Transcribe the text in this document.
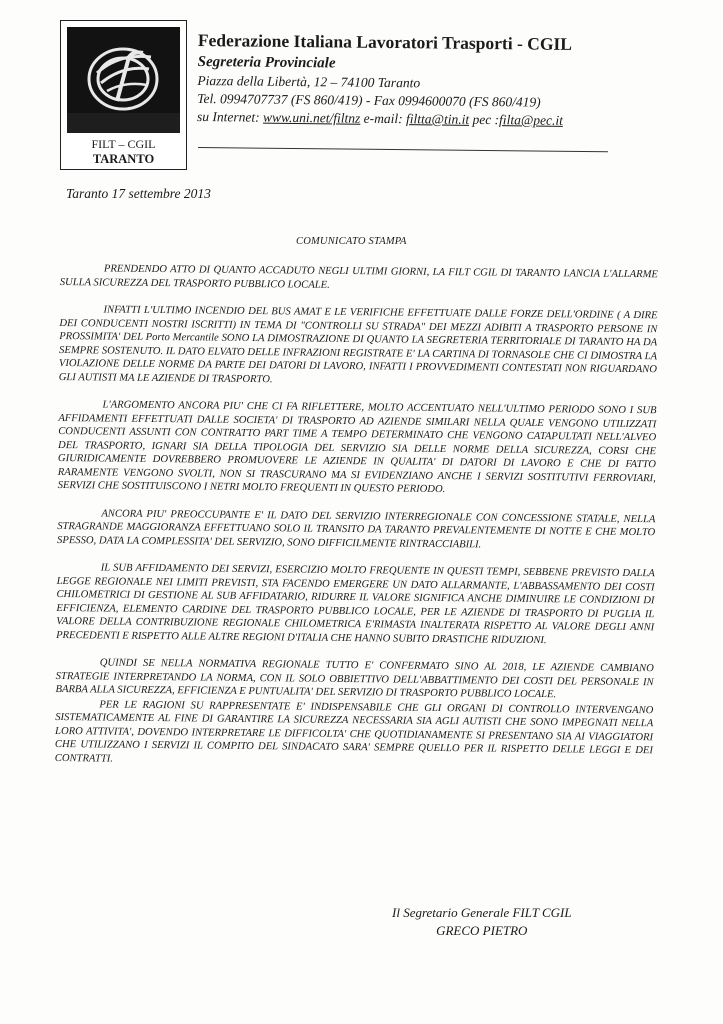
FILT – CGIL
TARANTO
Federazione Italiana Lavoratori Trasporti - CGIL
Segreteria Provinciale
Piazza della Libertà, 12 – 74100 Taranto
Tel. 0994707737 (FS 860/419) - Fax 0994600070 (FS 860/419)
su Internet: www.uni.net/filtnz e-mail: filtta@tin.it pec :filta@pec.it
Taranto 17 settembre 2013
COMUNICATO STAMPA

PRENDENDO ATTO DI QUANTO ACCADUTO NEGLI ULTIMI GIORNI, LA FILT CGIL DI TARANTO LANCIA L'ALLARME SULLA SICUREZZA DEL TRASPORTO PUBBLICO LOCALE.

INFATTI L'ULTIMO INCENDIO DEL BUS AMAT E LE VERIFICHE EFFETTUATE DALLE FORZE DELL'ORDINE ( A DIRE DEI CONDUCENTI NOSTRI ISCRITTI) IN TEMA DI "CONTROLLI SU STRADA" DEI MEZZI ADIBITI A TRASPORTO PERSONE IN PROSSIMITA' DEL Porto Mercantile SONO LA DIMOSTRAZIONE DI QUANTO LA SEGRETERIA TERRITORIALE DI TARANTO HA DA SEMPRE SOSTENUTO. IL DATO ELVATO DELLE INFRAZIONI REGISTRATE E' LA CARTINA DI TORNASOLE CHE CI DIMOSTRA LA VIOLAZIONE DELLE NORME DA PARTE DEI DATORI DI LAVORO, INFATTI I PROVVEDIMENTI CONTESTATI NON RIGUARDANO GLI AUTISTI MA LE AZIENDE DI TRASPORTO.

L'ARGOMENTO ANCORA PIU' CHE CI FA RIFLETTERE, MOLTO ACCENTUATO NELL'ULTIMO PERIODO SONO I SUB AFFIDAMENTI EFFETTUATI DALLE SOCIETA' DI TRASPORTO AD AZIENDE SIMILARI NELLA QUALE VENGONO UTILIZZATI CONDUCENTI ASSUNTI CON CONTRATTO PART TIME A TEMPO DETERMINATO CHE VENGONO CATAPULTATI NELL'ALVEO DEL TRASPORTO, IGNARI SIA DELLA TIPOLOGIA DEL SERVIZIO SIA DELLE NORME DELLA SICUREZZA, CORSI CHE GIURIDICAMENTE DOVREBBERO PROMUOVERE LE AZIENDE IN QUALITA' DI DATORI DI LAVORO E CHE DI FATTO RARAMENTE VENGONO SVOLTI, NON SI TRASCURANO MA SI EVIDENZIANO ANCHE I SERVIZI SOSTITUTIVI FERROVIARI, SERVIZI CHE SOSTITUISCONO I NETRI MOLTO FREQUENTI IN QUESTO PERIODO.

ANCORA PIU' PREOCCUPANTE E' IL DATO DEL SERVIZIO INTERREGIONALE CON CONCESSIONE STATALE, NELLA STRAGRANDE MAGGIORANZA EFFETTUANO SOLO IL TRANSITO DA TARANTO PREVALENTEMENTE DI NOTTE E CHE MOLTO SPESSO, DATA LA COMPLESSITA' DEL SERVIZIO, SONO DIFFICILMENTE RINTRACCIABILI.

IL SUB AFFIDAMENTO DEI SERVIZI, ESERCIZIO MOLTO FREQUENTE IN QUESTI TEMPI, SEBBENE PREVISTO DALLA LEGGE REGIONALE NEI LIMITI PREVISTI, STA FACENDO EMERGERE UN DATO ALLARMANTE, L'ABBASSAMENTO DEI COSTI CHILOMETRICI DI GESTIONE AL SUB AFFIDATARIO, RIDURRE IL VALORE SIGNIFICA ANCHE DIMINUIRE LE CONDIZIONI DI EFFICIENZA, ELEMENTO CARDINE DEL TRASPORTO PUBBLICO LOCALE, PER LE AZIENDE DI TRASPORTO DI PUGLIA IL VALORE DELLA CONTRIBUZIONE REGIONALE CHILOMETRICA E'RIMASTA INALTERATA RISPETTO AL VALORE DEGLI ANNI PRECEDENTI E RISPETTO ALLE ALTRE REGIONI D'ITALIA CHE HANNO SUBITO DRASTICHE RIDUZIONI.

QUINDI SE NELLA NORMATIVA REGIONALE TUTTO E' CONFERMATO SINO AL 2018, LE AZIENDE CAMBIANO STRATEGIE INTERPRETANDO LA NORMA, CON IL SOLO OBBIETTIVO DELL'ABBATTIMENTO DEI COSTI DEL PERSONALE IN BARBA ALLA SICUREZZA, EFFICIENZA E PUNTUALITA' DEL SERVIZIO DI TRASPORTO PUBBLICO LOCALE.

PER LE RAGIONI SU RAPPRESENTATE E' INDISPENSABILE CHE GLI ORGANI DI CONTROLLO INTERVENGANO SISTEMATICAMENTE AL FINE DI GARANTIRE LA SICUREZZA NECESSARIA SIA AGLI AUTISTI CHE SONO IMPEGNATI NELLA LORO ATTIVITA', DOVENDO INTERPRETARE LE DIFFICOLTA' CHE QUOTIDIANAMENTE SI PRESENTANO SIA AI VIAGGIATORI CHE UTILIZZANO I SERVIZI IL COMPITO DEL SINDACATO SARA' SEMPRE QUELLO PER IL RISPETTO DELLE LEGGI E DEI CONTRATTI.

Il Segretario Generale FILT CGIL
GRECO PIETRO
